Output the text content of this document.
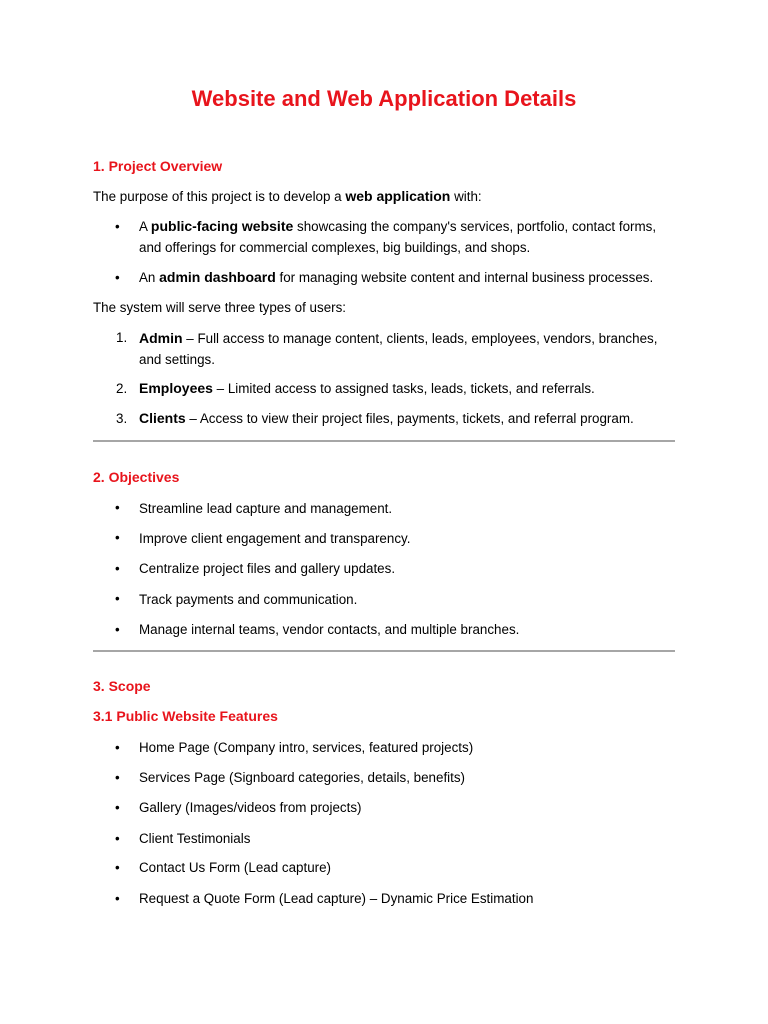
Website and Web Application Details
1. Project Overview
The purpose of this project is to develop a web application with:
• A public-facing website showcasing the company's services, portfolio, contact forms,
and offerings for commercial complexes, big buildings, and shops.
• An admin dashboard for managing website content and internal business processes.
The system will serve three types of users:
1. Admin – Full access to manage content, clients, leads, employees, vendors, branches,
and settings.
2. Employees – Limited access to assigned tasks, leads, tickets, and referrals.
3. Clients – Access to view their project files, payments, tickets, and referral program.
2. Objectives
• Streamline lead capture and management.
• Improve client engagement and transparency.
• Centralize project files and gallery updates.
• Track payments and communication.
• Manage internal teams, vendor contacts, and multiple branches.
3. Scope
3.1 Public Website Features
• Home Page (Company intro, services, featured projects)
• Services Page (Signboard categories, details, benefits)
• Gallery (Images/videos from projects)
• Client Testimonials
• Contact Us Form (Lead capture)
• Request a Quote Form (Lead capture) – Dynamic Price Estimation
